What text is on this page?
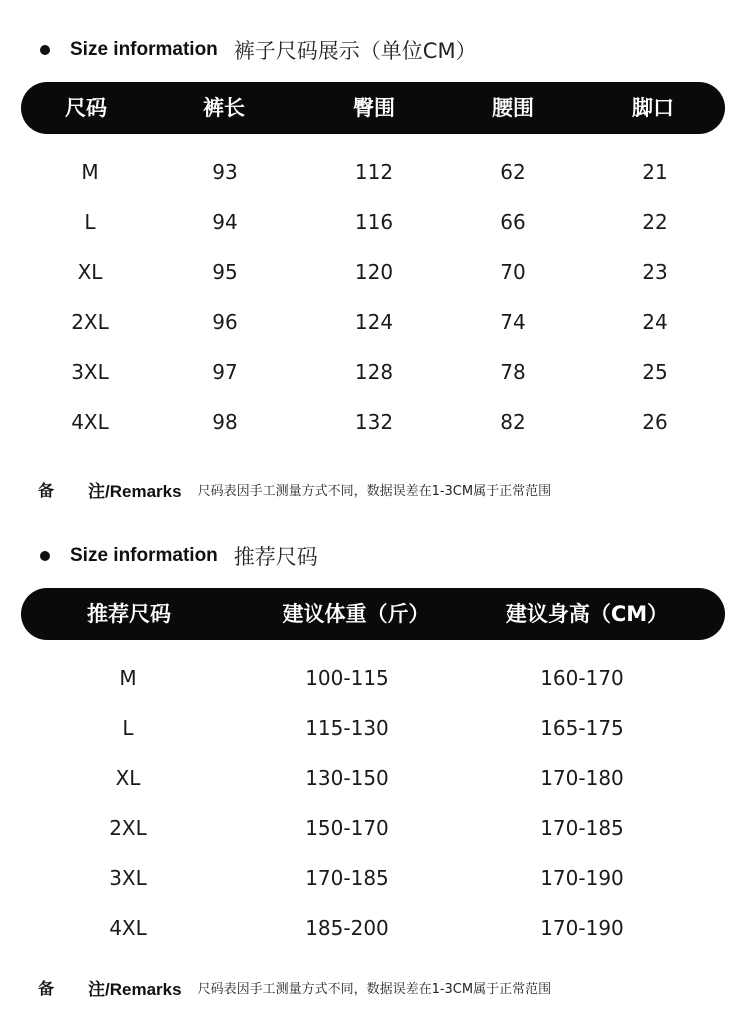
Size information 裤子尺码展示（单位CM）
尺码	裤长	臀围	腰围	脚口
M	93	112	62	21
L	94	116	66	22
XL	95	120	70	23
2XL	96	124	74	24
3XL	97	128	78	25
4XL	98	132	82	26
备	注/Remarks 尺码表因手工测量方式不同，数据误差在1-3CM属于正常范围
Size information 推荐尺码
推荐尺码	建议体重（斤）	建议身高（CM）
M	100-115	160-170
L	115-130	165-175
XL	130-150	170-180
2XL	150-170	170-185
3XL	170-185	170-190
4XL	185-200	170-190
备	注/Remarks 尺码表因手工测量方式不同，数据误差在1-3CM属于正常范围
